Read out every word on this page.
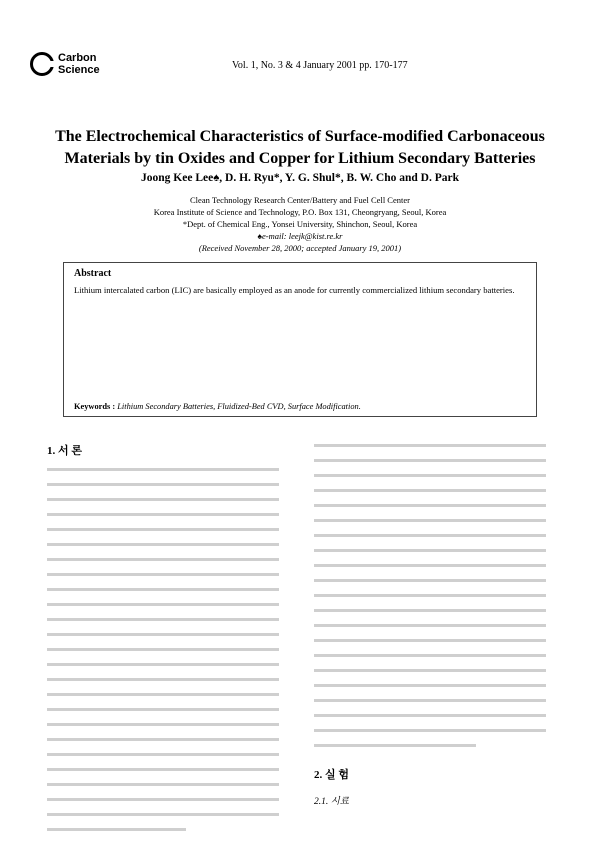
Carbon
Science	Vol. 1, No. 3 & 4 January 2001 pp. 170-177
The Electrochemical Characteristics of Surface-modified Carbonaceous Materials by tin Oxides and Copper for Lithium Secondary Batteries
Joong Kee Lee♠, D. H. Ryu*, Y. G. Shul*, B. W. Cho and D. Park
Clean Technology Research Center/Battery and Fuel Cell Center
Korea Institute of Science and Technology, P.O. Box 131, Cheongryang, Seoul, Korea
*Dept. of Chemical Eng., Yonsei University, Shinchon, Seoul, Korea
♠e-mail: leejk@kist.re.kr
(Received November 28, 2000; accepted January 19, 2001)
Abstract

Lithium intercalated carbon (LIC) are basically employed as an anode for currently commercialized lithium secondary batteries.

Keywords : Lithium Secondary Batteries, Fluidized-Bed CVD, Surface Modification.
1. 서 론
2. 실 험
2.1. 시료
